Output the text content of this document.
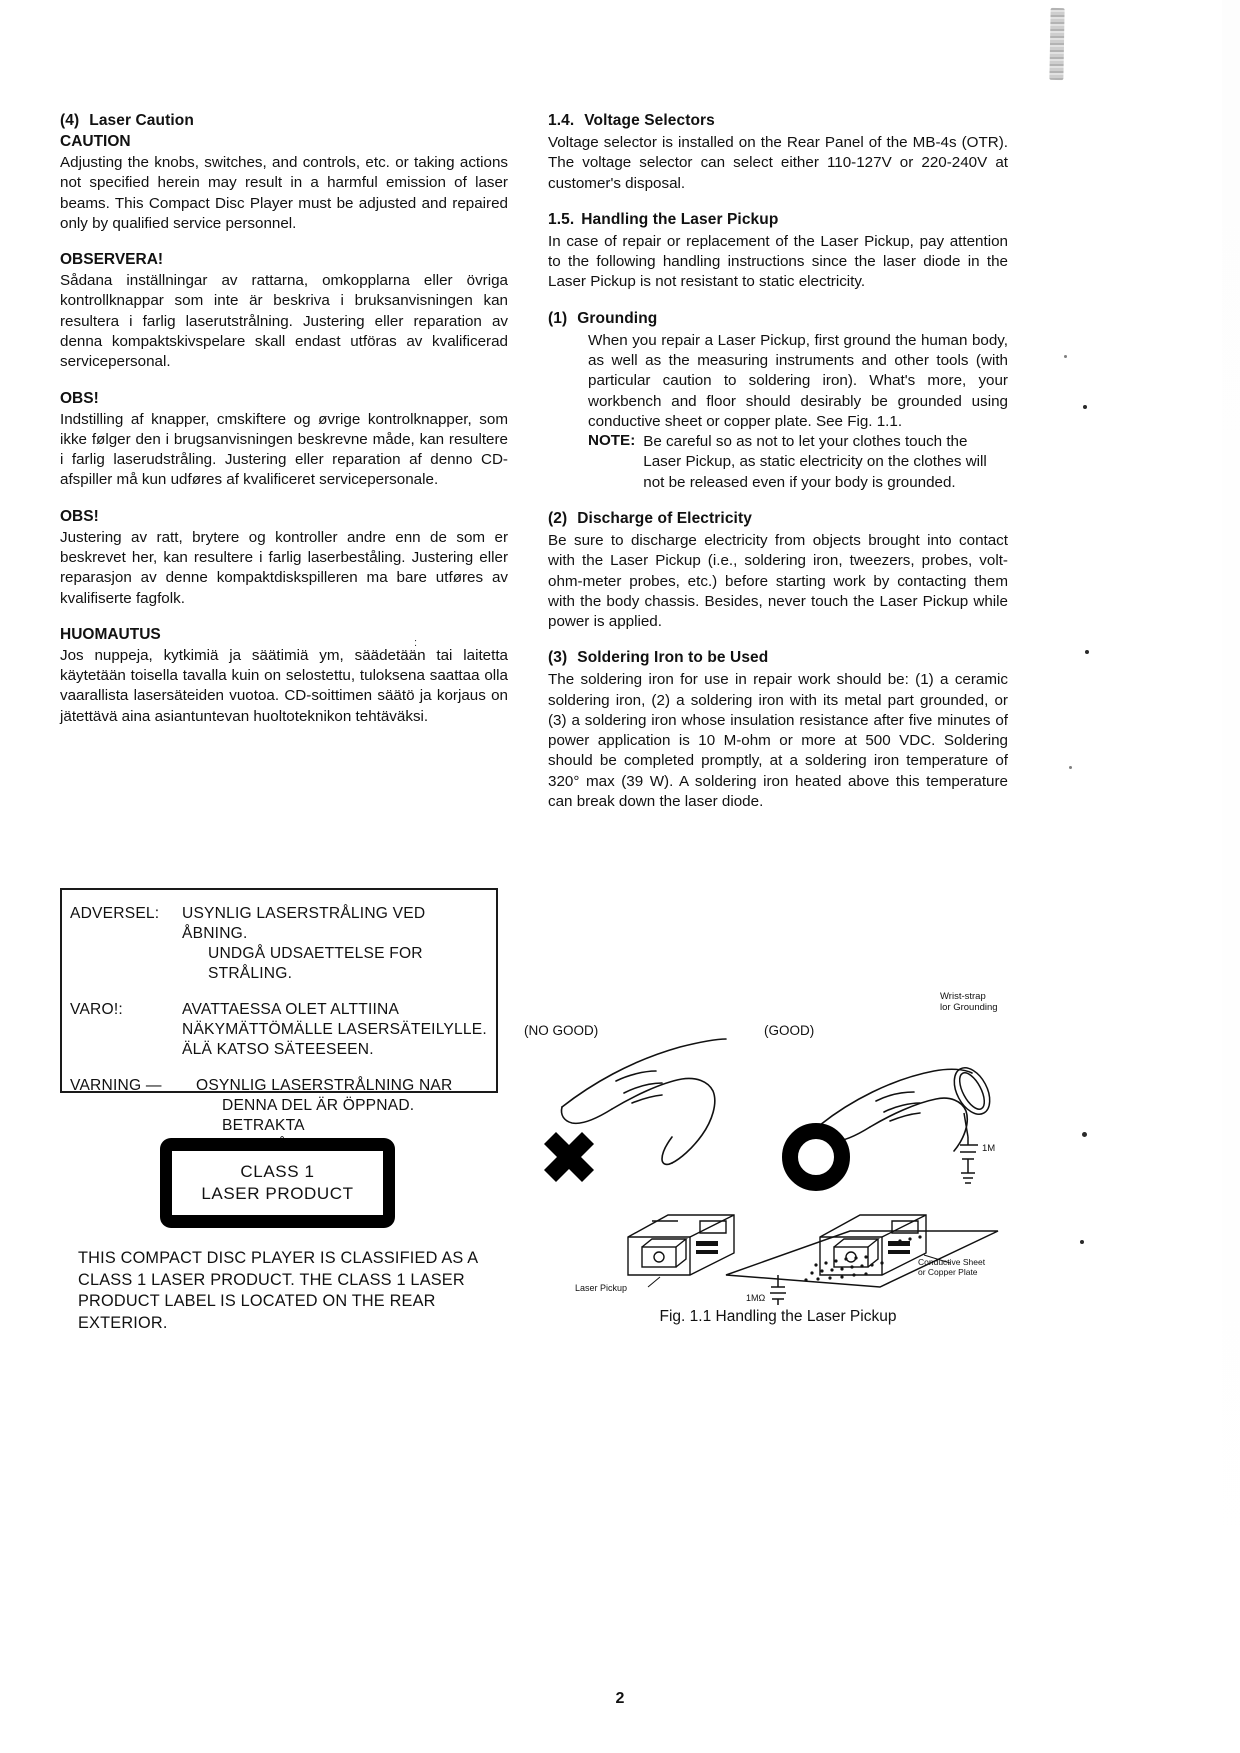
(4) Laser Caution
CAUTION

Adjusting the knobs, switches, and controls, etc. or taking actions not specified herein may result in a harmful emission of laser beams. This Compact Disc Player must be adjusted and repaired only by qualified service personnel.

OBSERVERA!

Sådana inställningar av rattarna, omkopplarna eller övriga kontrollknappar som inte är beskriva i bruksanvisningen kan resultera i farlig laserutstrålning. Justering eller reparation av denna kompaktskivspelare skall endast utföras av kvalificerad servicepersonal.

OBS!

Indstilling af knapper, cmskiftere og øvrige kontrolknapper, som ikke følger den i brugsanvisningen beskrevne måde, kan resultere i farlig laserudstråling. Justering eller reparation af denno CD-afspiller må kun udføres af kvalificeret servicepersonale.

OBS!

Justering av ratt, brytere og kontroller andre enn de som er beskrevet her, kan resultere i farlig laserbeståling. Justering eller reparasjon av denne kompaktdiskspilleren ma bare utføres av kvalifiserte fagfolk.

HUOMAUTUS

Jos nuppeja, kytkimiä ja säätimiä ym, säädetään tai laitetta käytetään toisella tavalla kuin on selostettu, tuloksena saattaa olla vaarallista lasersäteiden vuotoa. CD-soittimen säätö ja korjaus on jätettävä aina asiantuntevan huoltoteknikon tehtäväksi.

:
ADVERSEL:	USYNLIG LASERSTRÅLING VED ÅBNING.
UNDGÅ UDSAETTELSE FOR STRÅLING.
VARO!:	AVATTAESSA OLET ALTTIINA
NÄKYMÄTTÖMÄLLE LASERSÄTEILYLLE.
ÄLÄ KATSO SÄTEESEEN.
VARNING —	OSYNLIG LASERSTRÅLNING NAR
DENNA DEL ÄR ÖPPNAD. BETRAKTA
CLASS 1
LASER PRODUCT
THIS COMPACT DISC PLAYER IS CLASSIFIED AS A CLASS 1 LASER PRODUCT. THE CLASS 1 LASER PRODUCT LABEL IS LOCATED ON THE REAR EXTERIOR.
1.4. Voltage Selectors

Voltage selector is installed on the Rear Panel of the MB-4s (OTR). The voltage selector can select either 110-127V or 220-240V at customer's disposal.

1.5. Handling the Laser Pickup

In case of repair or replacement of the Laser Pickup, pay attention to the following handling instructions since the laser diode in the Laser Pickup is not resistant to static electricity.

(1) Grounding

When you repair a Laser Pickup, first ground the human body, as well as the measuring instruments and other tools (with particular caution to soldering iron). What's more, your workbench and floor should desirably be grounded using conductive sheet or copper plate. See Fig. 1.1.

NOTE: Be careful so as not to let your clothes touch the Laser Pickup, as static electricity on the clothes will not be released even if your body is grounded.
(2) Discharge of Electricity

Be sure to discharge electricity from objects brought into contact with the Laser Pickup (i.e., soldering iron, tweezers, probes, volt-ohm-meter probes, etc.) before starting work by contacting them with the body chassis. Besides, never touch the Laser Pickup while power is applied.

(3) Soldering Iron to be Used

The soldering iron for use in repair work should be: (1) a ceramic soldering iron, (2) a soldering iron with its metal part grounded, or (3) a soldering iron whose insulation resistance after five minutes of power application is 10 M-ohm or more at 500 VDC. Soldering should be completed promptly, at a soldering iron temperature of 320° max (39 W). A soldering iron heated above this temperature can break down the laser diode.

(NO GOOD)	(GOOD)
Wrist-strap
lor Grounding
1M
Laser Pickup
Conductive Sheet
or Copper Plate
1MΩ
Fig. 1.1 Handling the Laser Pickup
2
